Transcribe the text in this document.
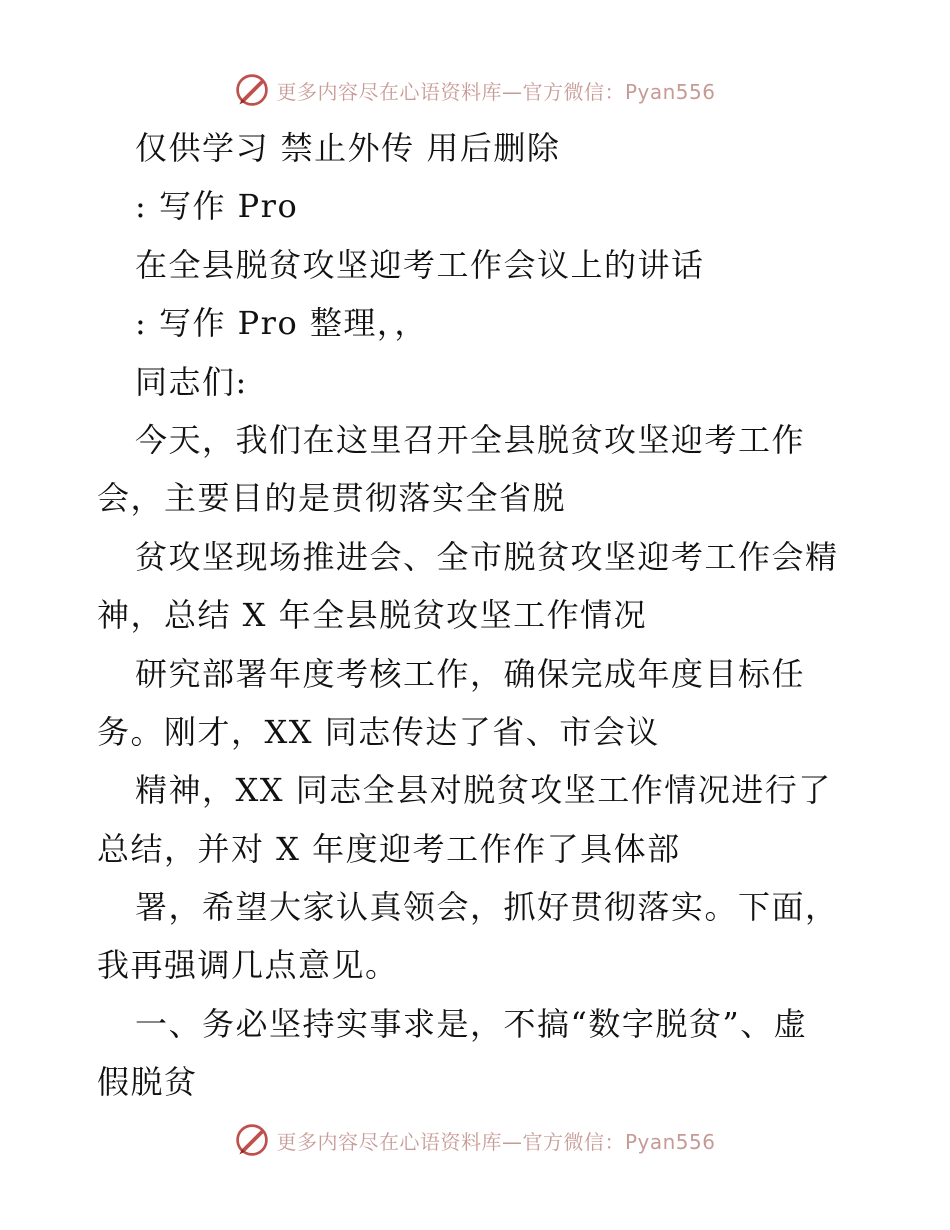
更多内容尽在心语资料库—官方微信：Pyan556
仅供学习 禁止外传 用后删除
: 写作 Pro
在全县脱贫攻坚迎考工作会议上的讲话
: 写作 Pro 整理，，
同志们:
今天，我们在这里召开全县脱贫攻坚迎考工作
会，主要目的是贯彻落实全省脱
贫攻坚现场推进会、全市脱贫攻坚迎考工作会精
神，总结 X 年全县脱贫攻坚工作情况
研究部署年度考核工作，确保完成年度目标任
务。刚才，XX 同志传达了省、市会议
精神，XX 同志全县对脱贫攻坚工作情况进行了
总结，并对 X 年度迎考工作作了具体部
署，希望大家认真领会，抓好贯彻落实。下面，
我再强调几点意见。
一、务必坚持实事求是，不搞“数字脱贫”、虚
假脱贫
更多内容尽在心语资料库—官方微信：Pyan556
